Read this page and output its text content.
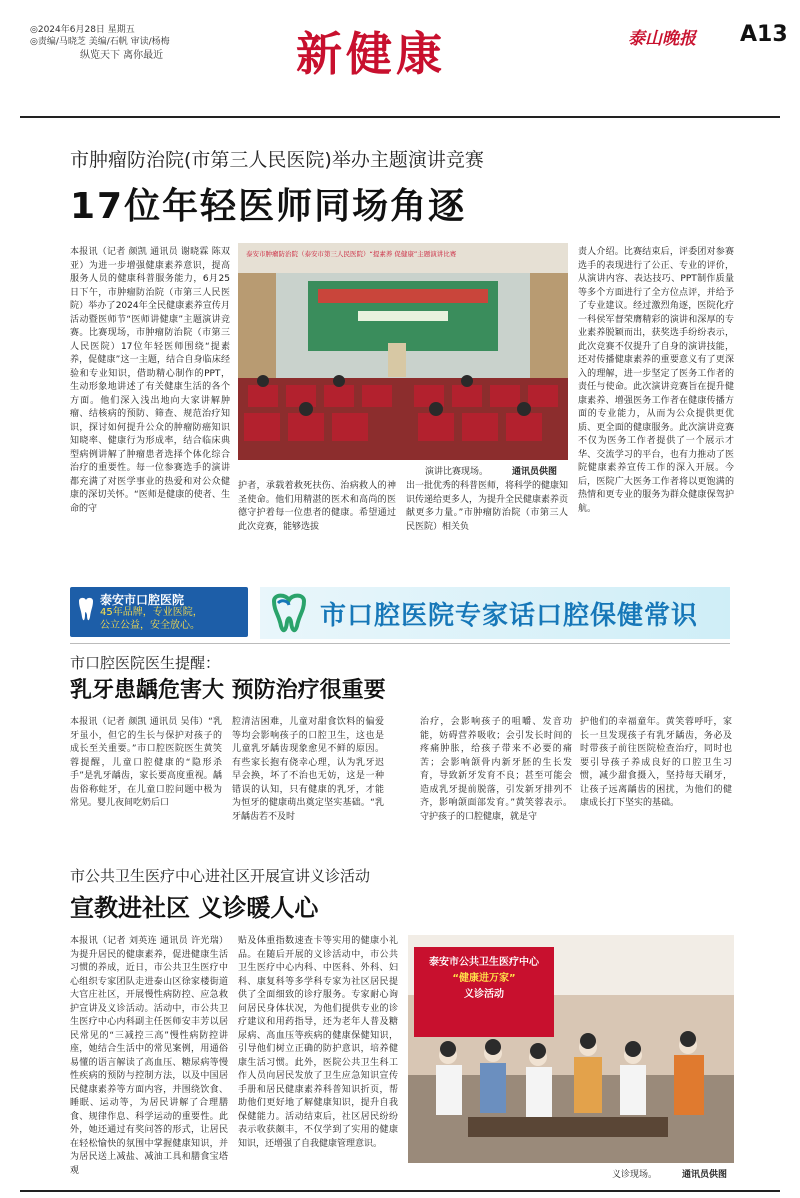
◎2024年6月28日 星期五
◎责编/马晓芝 美编/石帆 审读/杨梅
纵览天下 离你最近	新健康	泰山晚报 A13
市肿瘤防治院(市第三人民医院)举办主题演讲竞赛
17位年轻医师同场角逐
本报讯（记者 颜凯 通讯员 谢晓霖 陈双亚）为进一步增强健康素养意识，提高服务人员的健康科普服务能力，6月25日下午，市肿瘤防治院（市第三人民医院）举办了2024年全民健康素养宣传月活动暨医师节“医师讲健康”主题演讲竞赛。比赛现场，市肿瘤防治院（市第三人民医院）17位年轻医师围绕“提素养，促健康”这一主题，结合自身临床经验和专业知识，借助精心制作的PPT，生动形象地讲述了有关健康生活的各个方面。他们深入浅出地向大家讲解肿瘤、结核病的预防、筛查、规范治疗知识，探讨如何提升公众的肿瘤防癌知识知晓率、健康行为形成率，结合临床典型病例讲解了肿瘤患者选择个体化综合治疗的重要性。每一位参赛选手的演讲都充满了对医学事业的热爱和对公众健康的深切关怀。“医师是健康的使者、生命的守
泰安市肿瘤防治院（泰安市第三人民医院）“提素养 促健康”主题演讲比赛
演讲比赛现场。	通讯员供图
护者，承载着救死扶伤、治病救人的神圣使命。他们用精湛的医术和高尚的医德守护着每一位患者的健康。希望通过此次竞赛，能够选拔
出一批优秀的科普医师，将科学的健康知识传递给更多人，为提升全民健康素养贡献更多力量。”市肿瘤防治院（市第三人民医院）相关负
责人介绍。比赛结束后，评委团对参赛选手的表现进行了公正、专业的评价，从演讲内容、表达技巧、PPT制作质量等多个方面进行了全方位点评，并给予了专业建议。经过激烈角逐，医院化疗一科侯军督荣膺精彩的演讲和深厚的专业素养脱颖而出，获奖选手纷纷表示，此次竞赛不仅提升了自身的演讲技能，还对传播健康素养的重要意义有了更深入的理解，进一步坚定了医务工作者的责任与使命。此次演讲竞赛旨在提升健康素养、增强医务工作者在健康传播方面的专业能力，从而为公众提供更优质、更全面的健康服务。此次演讲竞赛不仅为医务工作者提供了一个展示才华、交流学习的平台，也有力推动了医院健康素养宣传工作的深入开展。今后，医院广大医务工作者将以更饱满的热情和更专业的服务为群众健康保驾护航。
泰安市口腔医院
45年品牌，专业医院，
公立公益，安全放心。	市口腔医院专家话口腔保健常识
市口腔医院医生提醒：
乳牙患龋危害大 预防治疗很重要
本报讯（记者 颜凯 通讯员 吴伟）“乳牙虽小，但它的生长与保护对孩子的成长至关重要。”市口腔医院医生黄笑蓉提醒，儿童口腔健康的“隐形杀手”是乳牙龋齿，家长要高度重视。龋齿俗称蛀牙，在儿童口腔问题中极为常见。婴儿夜间吃奶后口
腔清洁困难，儿童对甜食饮料的偏爱等均会影响孩子的口腔卫生，这也是儿童乳牙龋齿现象愈见不鲜的原因。有些家长抱有侥幸心理，认为乳牙迟早会换，坏了不治也无妨，这是一种错误的认知，只有健康的乳牙，才能为恒牙的健康萌出奠定坚实基础。“乳牙龋齿若不及时
治疗，会影响孩子的咀嚼、发音功能，妨碍营养吸收；会引发长时间的疼痛肿胀，给孩子带来不必要的痛苦；会影响颌骨内新牙胚的生长发育，导致新牙发育不良；甚至可能会造成乳牙提前脱落，引发新牙排列不齐，影响颌面部发育。”黄笑蓉表示。守护孩子的口腔健康，就是守
护他们的幸福童年。黄笑蓉呼吁，家长一旦发现孩子有乳牙龋齿，务必及时带孩子前往医院检查治疗，同时也要引导孩子养成良好的口腔卫生习惯，减少甜食摄入，坚持每天刷牙，让孩子远离龋齿的困扰，为他们的健康成长打下坚实的基础。
市公共卫生医疗中心进社区开展宣讲义诊活动
宣教进社区 义诊暖人心
本报讯（记者 刘英连 通讯员 许光瑞）为提升居民的健康素养，促进健康生活习惯的养成，近日，市公共卫生医疗中心组织专家团队走进泰山区徐家楼街道大官庄社区，开展慢性病防控、应急救护宣讲及义诊活动。活动中，市公共卫生医疗中心内科副主任医师安丰芳以居民常见的“三减控三高”慢性病防控讲座，她结合生活中的常见案例，用通俗易懂的语言解读了高血压、糖尿病等慢性疾病的预防与控制方法，以及中国居民健康素养等方面内容，并围绕饮食、睡眠、运动等，为居民讲解了合理膳食、规律作息、科学运动的重要性。此外，她还通过有奖问答的形式，让居民在轻松愉快的氛围中掌握健康知识，并为居民送上减盐、减油工具和膳食宝塔观
贴及体重指数速查卡等实用的健康小礼品。在随后开展的义诊活动中，市公共卫生医疗中心内科、中医科、外科、妇科、康复科等多学科专家为社区居民提供了全面细致的诊疗服务。专家耐心询问居民身体状况，为他们提供专业的诊疗建议和用药指导，还为老年人普及糖尿病、高血压等疾病的健康保健知识，引导他们树立正确的防护意识，培养健康生活习惯。此外，医院公共卫生科工作人员向居民发放了卫生应急知识宣传手册和居民健康素养科普知识折页，帮助他们更好地了解健康知识，提升自我保健能力。活动结束后，社区居民纷纷表示收获颇丰，不仅学到了实用的健康知识，还增强了自我健康管理意识。
泰安市公共卫生医疗中心
“健康进万家”
义诊活动
义诊现场。	通讯员供图
